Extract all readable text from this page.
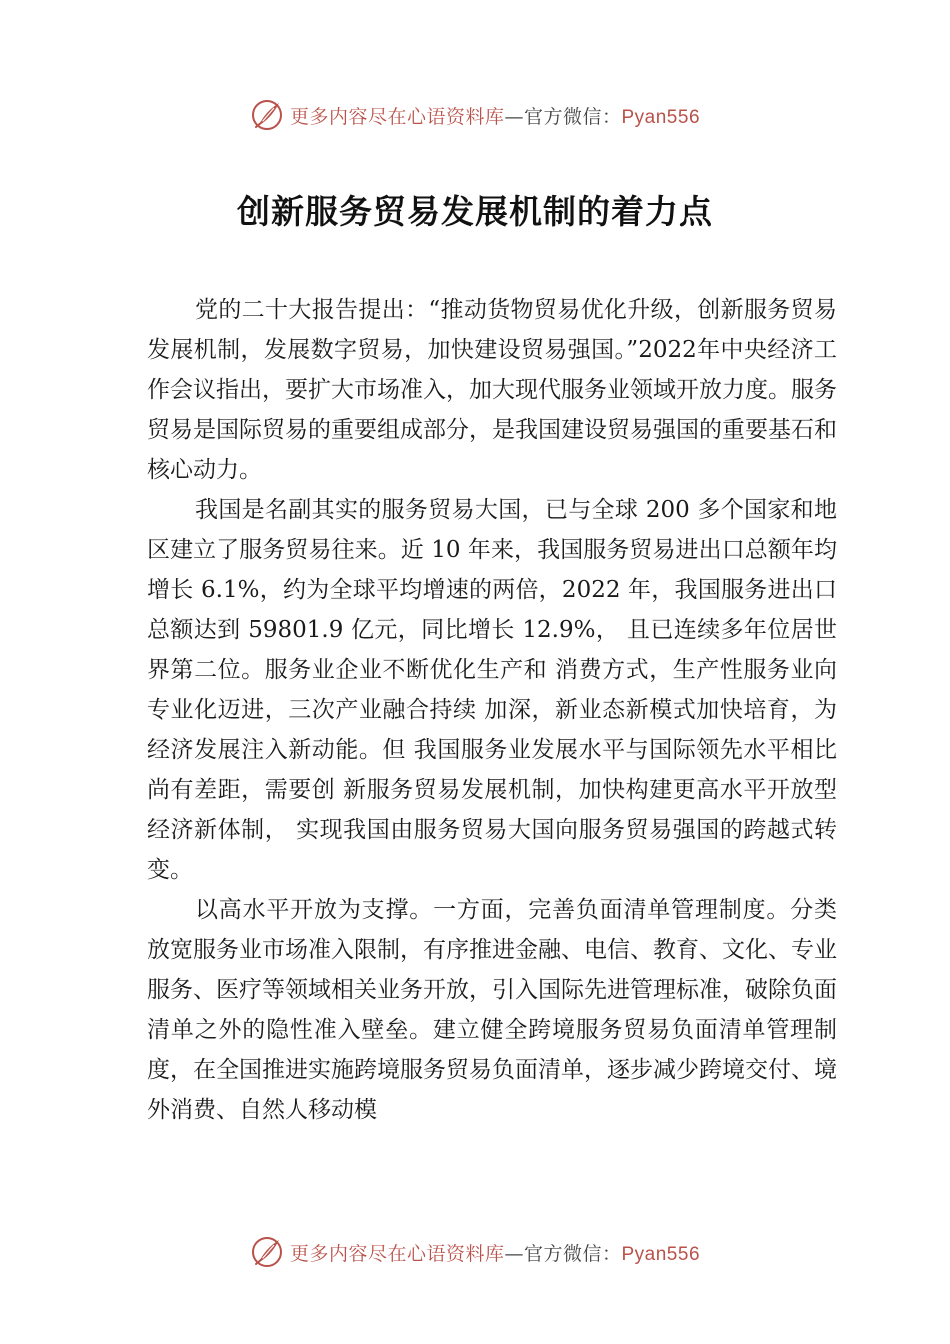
更多内容尽在心语资料库—官方微信：Pyan556
创新服务贸易发展机制的着力点

党的二十大报告提出：“推动货物贸易优化升级，创新服务贸易发展机制，发展数字贸易，加快建设贸易强国。”2022年中央经济工作会议指出，要扩大市场准入，加大现代服务业领域开放力度。服务贸易是国际贸易的重要组成部分，是我国建设贸易强国的重要基石和核心动力。

我国是名副其实的服务贸易大国，已与全球 200 多个国家和地区建立了服务贸易往来。近 10 年来，我国服务贸易进出口总额年均增长 6.1%，约为全球平均增速的两倍，2022 年，我国服务进出口总额达到 59801.9 亿元，同比增长 12.9%， 且已连续多年位居世界第二位。服务业企业不断优化生产和 消费方式，生产性服务业向专业化迈进，三次产业融合持续 加深，新业态新模式加快培育，为经济发展注入新动能。但 我国服务业发展水平与国际领先水平相比尚有差距，需要创 新服务贸易发展机制，加快构建更高水平开放型经济新体制， 实现我国由服务贸易大国向服务贸易强国的跨越式转变。

以高水平开放为支撑。一方面，完善负面清单管理制度。分类放宽服务业市场准入限制，有序推进金融、电信、教育、文化、专业服务、医疗等领域相关业务开放，引入国际先进管理标准，破除负面清单之外的隐性准入壁垒。建立健全跨境服务贸易负面清单管理制度，在全国推进实施跨境服务贸易负面清单，逐步减少跨境交付、境外消费、自然人移动模

更多内容尽在心语资料库—官方微信：Pyan556
